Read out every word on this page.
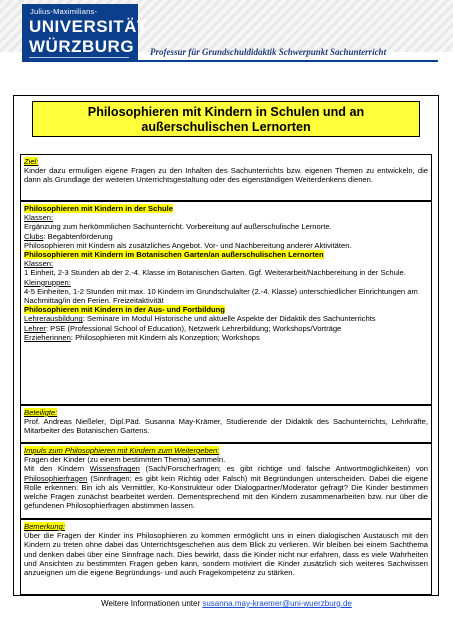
Julius-Maximilians-
UNIVERSITÄT
WÜRZBURG Professur für Grundschuldidaktik Schwerpunkt Sachunterricht
Philosophieren mit Kindern in Schulen und an
außerschulischen Lernorten

Ziel:

Kinder dazu ermuligen eigene Fragen zu den Inhalten des Sachunterrichts bzw. eigenen Themen zu entwickeln, die dann als Grundlage der weiteren Unterrichtsgestaltung oder des eigenständigen Weiterdenkens dienen.

Philosophieren mit Kindern in der Schule

Klassen:

Ergänzung zum herkömmlichen Sachunterricht. Vorbereitung auf außerschulische Lernorte.

Clubs: Begabtenförderung

Philosophieren mit Kindern als zusätzliches Angebot. Vor- und Nachbereitung anderer Aktivitäten.

Philosophieren mit Kindern im Botanischen Garten/an außerschulischen Lernorten

Klassen:

1 Einheit, 2-3 Stunden ab der 2.-4. Klasse im Botanischen Garten. Ggf. Weiterarbeit/Nachbereitung in der Schule.

Kleingruppen:

4-5 Einheiten, 1-2 Stunden mit max. 10 Kindern im Grundschulalter (2.-4. Klasse) unterschiedlicher Einrichtungen am Nachmittag/in den Ferien. Freizeitaktivität

Philosophieren mit Kindern in der Aus- und Fortbildung

Lehrerausbildung: Seminare im Modul Historische und aktuelle Aspekte der Didaktik des Sachunterrichts

Lehrer: PSE (Professional School of Education), Netzwerk Lehrerbildung; Workshops/Vorträge

Erzieherinnen: Philosophieren mit Kindern als Konzeption; Workshops

Beteiligte:

Prof. Andreas Nießeler, Dipl.Päd. Susanna May-Krämer, Studierende der Didaktik des Sachunterrichts, Lehrkräfte, Mitarbeiter des Botanischen Gartens.

Impuls zum Philosophieren mit Kindern zum Weitergeben:

Fragen der Kinder (zu einem bestimmten Thema) sammeln.

Mit den Kindern Wissensfragen (Sach/Forscherfragen; es gibt richtige und falsche Antwortmöglichkeiten) von Philosophierfragen (Sinnfragen; es gibt kein Richtig oder Falsch) mit Begründungen unterscheiden. Dabei die eigene Rolle erkennen: Bin ich als Vermittler, Ko-Konstrukteur oder Dialogpartner/Moderator gefragt? Die Kinder bestimmen welche Fragen zunächst bearbeitet werden. Dementsprechend mit den Kindern zusammenarbeiten bzw. nur über die gefundenen Philosophierfragen abstimmen lassen.

Bemerkung:

Über die Fragen der Kinder ins Philosophieren zu kommen ermöglicht uns in einen dialogischen Austausch mit den Kindern zu treten ohne dabei das Unterrichtsgeschehen aus dem Blick zu verlieren. Wir bleiben bei einem Sachthema und denken dabei über eine Sinnfrage nach. Dies bewirkt, dass die Kinder nicht nur erfahren, dass es viele Wahrheiten und Ansichten zu bestimmten Fragen geben kann, sondern motiviert die Kinder zusätzlich sich weiteres Sachwissen anzueignen um die eigene Begründungs- und auch Fragekompetenz zu stärken.

Weitere Informationen unter susanna.may-kraemer@uni-wuerzburg.de
